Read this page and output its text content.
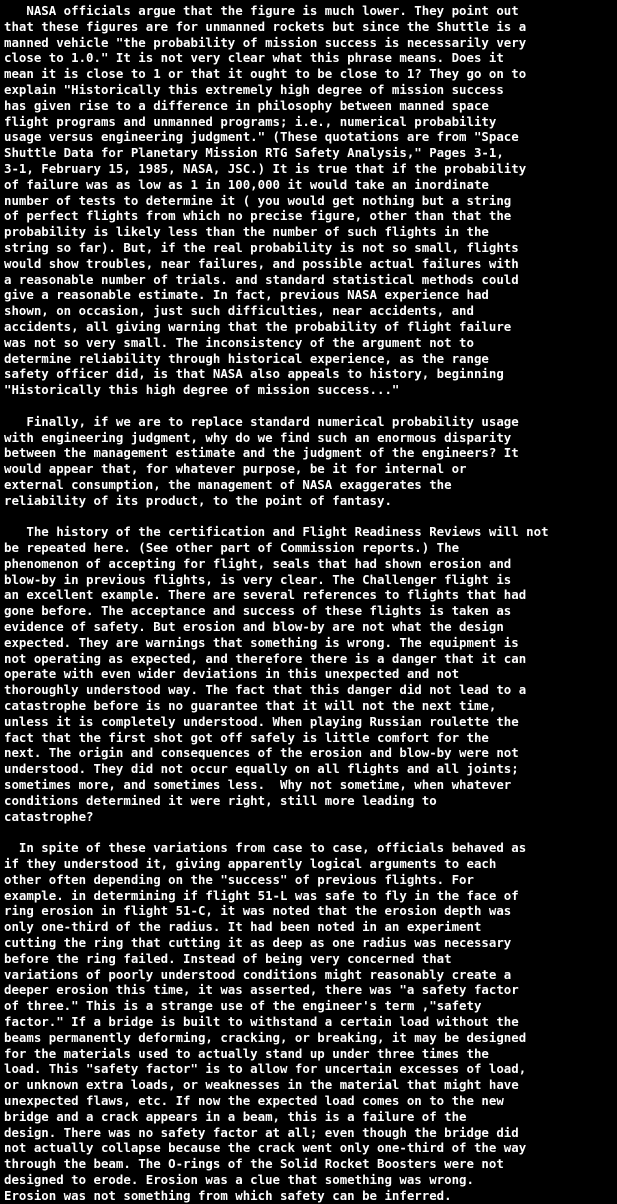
NASA officials argue that the figure is much lower. They point out
that these figures are for unmanned rockets but since the Shuttle is a
manned vehicle "the probability of mission success is necessarily very
close to 1.0." It is not very clear what this phrase means. Does it
mean it is close to 1 or that it ought to be close to 1? They go on to
explain "Historically this extremely high degree of mission success
has given rise to a difference in philosophy between manned space
flight programs and unmanned programs; i.e., numerical probability
usage versus engineering judgment." (These quotations are from "Space
Shuttle Data for Planetary Mission RTG Safety Analysis," Pages 3-1,
3-1, February 15, 1985, NASA, JSC.) It is true that if the probability
of failure was as low as 1 in 100,000 it would take an inordinate
number of tests to determine it ( you would get nothing but a string
of perfect flights from which no precise figure, other than that the
probability is likely less than the number of such flights in the
string so far). But, if the real probability is not so small, flights
would show troubles, near failures, and possible actual failures with
a reasonable number of trials. and standard statistical methods could
give a reasonable estimate. In fact, previous NASA experience had
shown, on occasion, just such difficulties, near accidents, and
accidents, all giving warning that the probability of flight failure
was not so very small. The inconsistency of the argument not to
determine reliability through historical experience, as the range
safety officer did, is that NASA also appeals to history, beginning
"Historically this high degree of mission success..."

Finally, if we are to replace standard numerical probability usage
with engineering judgment, why do we find such an enormous disparity
between the management estimate and the judgment of the engineers? It
would appear that, for whatever purpose, be it for internal or
external consumption, the management of NASA exaggerates the
reliability of its product, to the point of fantasy.

The history of the certification and Flight Readiness Reviews will not
be repeated here. (See other part of Commission reports.) The
phenomenon of accepting for flight, seals that had shown erosion and
blow-by in previous flights, is very clear. The Challenger flight is
an excellent example. There are several references to flights that had
gone before. The acceptance and success of these flights is taken as
evidence of safety. But erosion and blow-by are not what the design
expected. They are warnings that something is wrong. The equipment is
not operating as expected, and therefore there is a danger that it can
operate with even wider deviations in this unexpected and not
thoroughly understood way. The fact that this danger did not lead to a
catastrophe before is no guarantee that it will not the next time,
unless it is completely understood. When playing Russian roulette the
fact that the first shot got off safely is little comfort for the
next. The origin and consequences of the erosion and blow-by were not
understood. They did not occur equally on all flights and all joints;
sometimes more, and sometimes less.  Why not sometime, when whatever
conditions determined it were right, still more leading to
catastrophe?

In spite of these variations from case to case, officials behaved as
if they understood it, giving apparently logical arguments to each
other often depending on the "success" of previous flights. For
example. in determining if flight 51-L was safe to fly in the face of
ring erosion in flight 51-C, it was noted that the erosion depth was
only one-third of the radius. It had been noted in an experiment
cutting the ring that cutting it as deep as one radius was necessary
before the ring failed. Instead of being very concerned that
variations of poorly understood conditions might reasonably create a
deeper erosion this time, it was asserted, there was "a safety factor
of three." This is a strange use of the engineer's term ,"safety
factor." If a bridge is built to withstand a certain load without the
beams permanently deforming, cracking, or breaking, it may be designed
for the materials used to actually stand up under three times the
load. This "safety factor" is to allow for uncertain excesses of load,
or unknown extra loads, or weaknesses in the material that might have
unexpected flaws, etc. If now the expected load comes on to the new
bridge and a crack appears in a beam, this is a failure of the
design. There was no safety factor at all; even though the bridge did
not actually collapse because the crack went only one-third of the way
through the beam. The O-rings of the Solid Rocket Boosters were not
designed to erode. Erosion was a clue that something was wrong.
Erosion was not something from which safety can be inferred.
